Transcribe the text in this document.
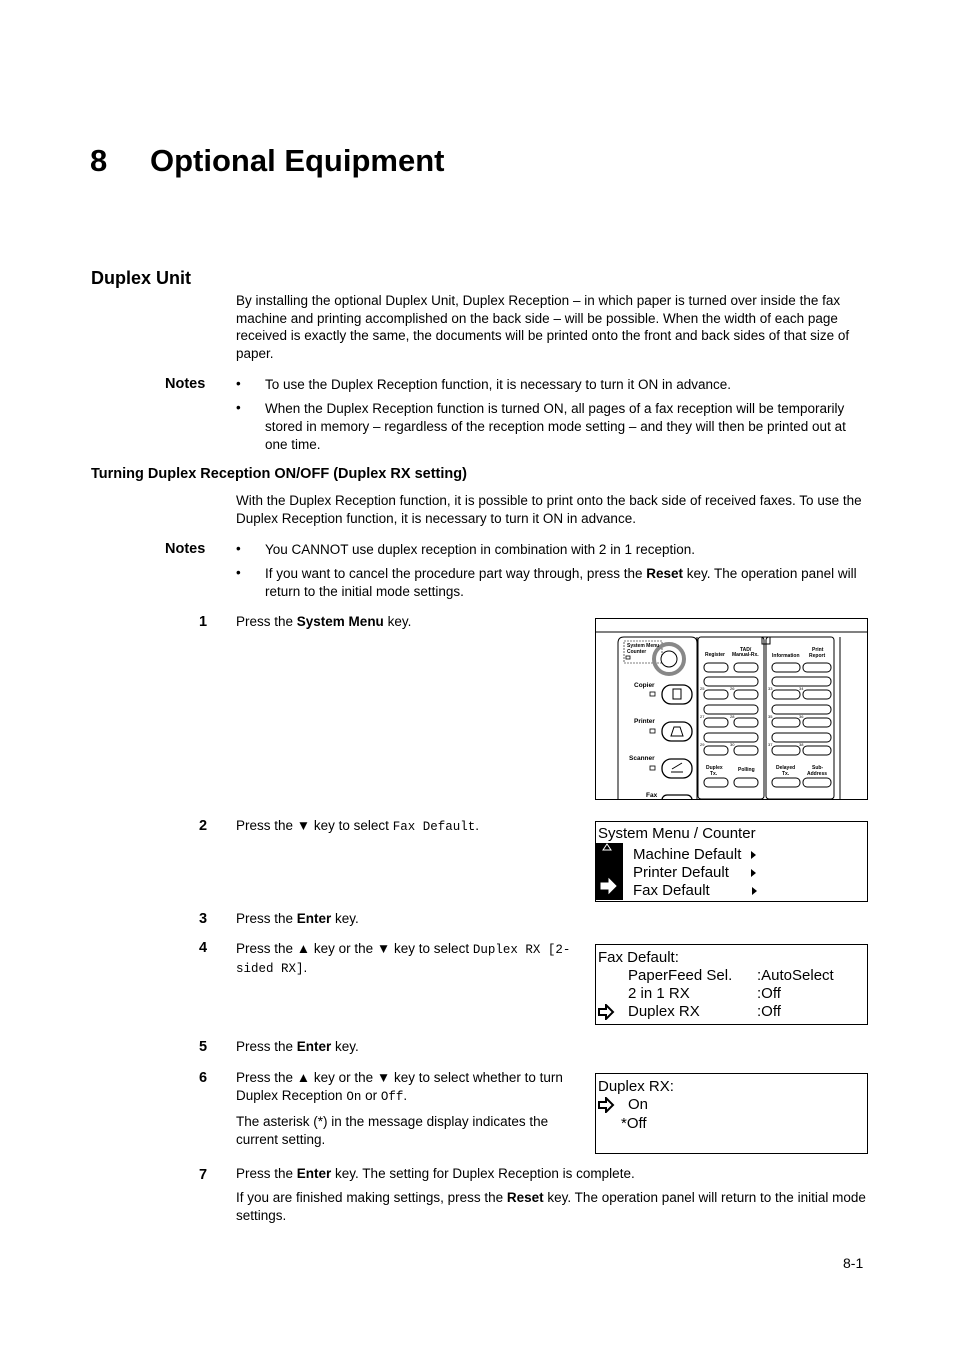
8 Optional Equipment
Duplex Unit
By installing the optional Duplex Unit, Duplex Reception – in which paper is turned over inside the fax machine and printing accomplished on the back side – will be possible. When the width of each page received is exactly the same, the documents will be printed onto the front and back sides of that size of paper.
Notes • To use the Duplex Reception function, it is necessary to turn it ON in advance.
• When the Duplex Reception function is turned ON, all pages of a fax reception will be temporarily stored in memory – regardless of the reception mode setting – and they will then be printed out at one time.
Turning Duplex Reception ON/OFF (Duplex RX setting)
With the Duplex Reception function, it is possible to print onto the back side of received faxes. To use the Duplex Reception function, it is necessary to turn it ON in advance.
Notes • You CANNOT use duplex reception in combination with 2 in 1 reception.
• If you want to cancel the procedure part way through, press the Reset key. The operation panel will return to the initial mode settings.
1 Press the System Menu key.
System Menu
Counter
Copier
Printer
Scanner
Fax
Register
TAD/
Manual-Rx.	Information
Print
Report
Duplex
Tx.
Polling	Delayed
Tx.
Sub-
Address
25	26	33	34
27	28	35	36
29	30	37	38
2 Press the ▼ key to select Fax Default.	System Menu / Counter
Machine Default
Printer Default
Fax Default
3 Press the Enter key.
4 Press the ▲ key or the ▼ key to select Duplex RX [2-sided RX].
Fax Default:
PaperFeed Sel. :AutoSelect
2 in 1 RX	:Off
Duplex RX	:Off
5 Press the Enter key.
6 Press the ▲ key or the ▼ key to select whether to turn Duplex Reception On or Off.
The asterisk (*) in the message display indicates the current setting.
Duplex RX:
On
*Off
7 Press the Enter key. The setting for Duplex Reception is complete.
If you are finished making settings, press the Reset key. The operation panel will return to the initial mode settings.
8-1
